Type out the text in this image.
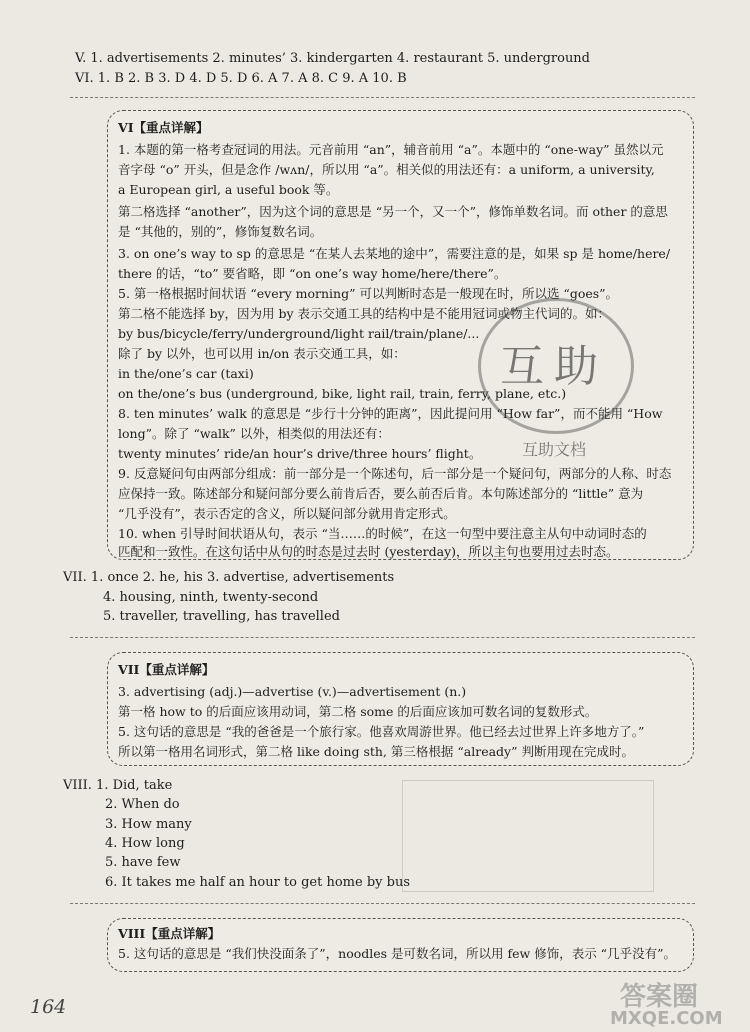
V. 1. advertisements 2. minutes’ 3. kindergarten 4. restaurant 5. underground
VI. 1. B 2. B 3. D 4. D 5. D 6. A 7. A 8. C 9. A 10. B
VI【重点详解】
1. 本题的第一格考查冠词的用法。元音前用 “an”，辅音前用 “a”。本题中的 “one-way” 虽然以元
音字母 “o” 开头，但是念作 /wʌn/，所以用 “a”。相关似的用法还有：a uniform, a university,
a European girl, a useful book 等。
第二格选择 “another”，因为这个词的意思是 “另一个，又一个”，修饰单数名词。而 other 的意思
是 “其他的，别的”，修饰复数名词。
3. on one’s way to sp 的意思是 “在某人去某地的途中”，需要注意的是，如果 sp 是 home/here/
there 的话，“to” 要省略，即 “on one’s way home/here/there”。
5. 第一格根据时间状语 “every morning” 可以判断时态是一般现在时，所以选 “goes”。
第二格不能选择 by，因为用 by 表示交通工具的结构中是不能用冠词或物主代词的。如：
by bus/bicycle/ferry/underground/light rail/train/plane/...
除了 by 以外，也可以用 in/on 表示交通工具，如：
in the/one’s car (taxi)
on the/one’s bus (underground, bike, light rail, train, ferry, plane, etc.)
8. ten minutes’ walk 的意思是 “步行十分钟的距离”，因此提问用 “How far”，而不能用 “How
long”。除了 “walk” 以外，相类似的用法还有：
twenty minutes’ ride/an hour’s drive/three hours’ flight。
9. 反意疑问句由两部分组成：前一部分是一个陈述句，后一部分是一个疑问句，两部分的人称、时态
应保持一致。陈述部分和疑问部分要么前肯后否，要么前否后肯。本句陈述部分的 “little” 意为
“几乎没有”，表示否定的含义，所以疑问部分就用肯定形式。
10. when 引导时间状语从句，表示 “当……的时候”，在这一句型中要注意主从句中动词时态的
匹配和一致性。在这句话中从句的时态是过去时 (yesterday)，所以主句也要用过去时态。
互助
互助文档
VII. 1. once 2. he, his 3. advertise, advertisements
4. housing, ninth, twenty-second
5. traveller, travelling, has travelled
VII【重点详解】
3. advertising (adj.)—advertise (v.)—advertisement (n.)
第一格 how to 的后面应该用动词，第二格 some 的后面应该加可数名词的复数形式。
5. 这句话的意思是 “我的爸爸是一个旅行家。他喜欢周游世界。他已经去过世界上许多地方了。”
所以第一格用名词形式，第二格 like doing sth, 第三格根据 “already” 判断用现在完成时。
VIII. 1. Did, take
2. When do
3. How many
4. How long
5. have few
6. It takes me half an hour to get home by bus
VIII【重点详解】
5. 这句话的意思是 “我们快没面条了”，noodles 是可数名词，所以用 few 修饰，表示 “几乎没有”。
164	答案圈
MXQE.COM
